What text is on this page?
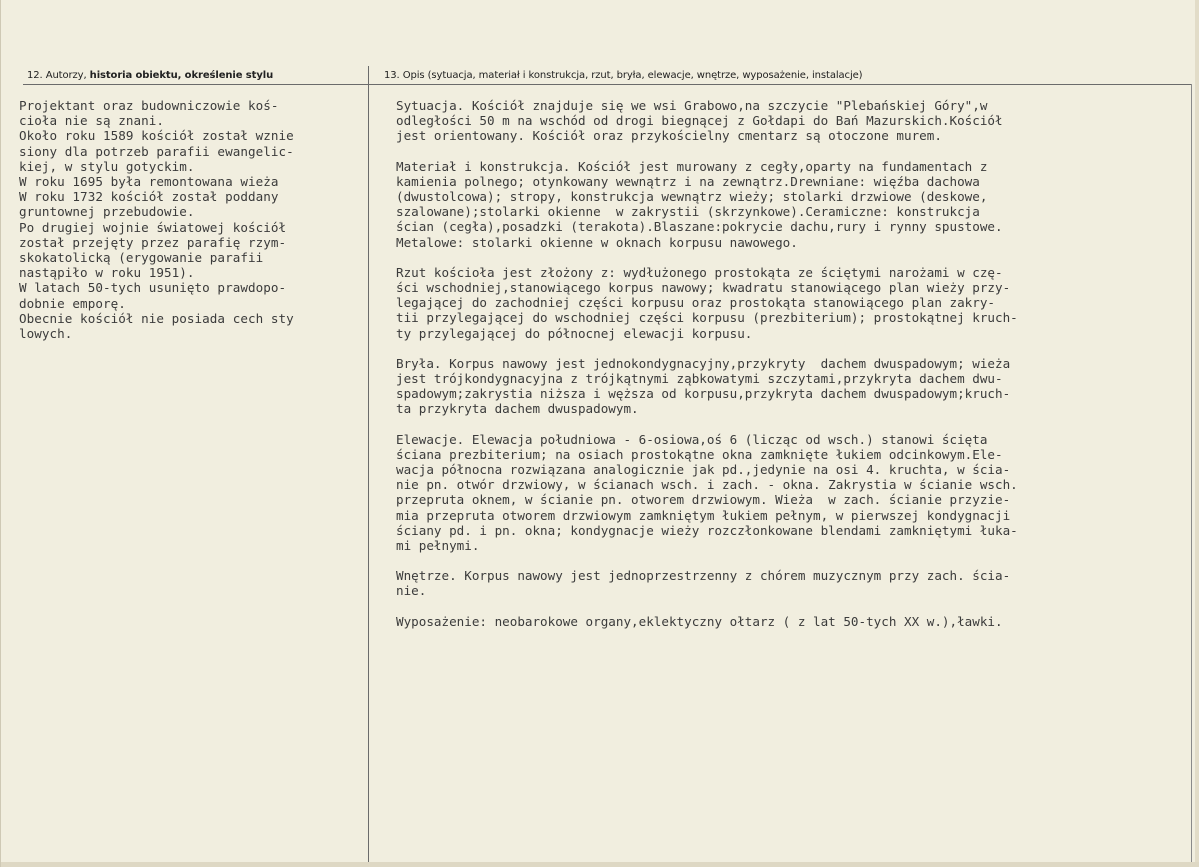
12. Autorzy, historia obiektu, określenie stylu	13. Opis (sytuacja, materiał i konstrukcja, rzut, bryła, elewacje, wnętrze, wyposażenie, instalacje)
Projektant oraz budowniczowie koś-
cioła nie są znani.
Około roku 1589 kościół został wznie
siony dla potrzeb parafii ewangelic-
kiej, w stylu gotyckim.
W roku 1695 była remontowana wieża
W roku 1732 kościół został poddany
gruntownej przebudowie.
Po drugiej wojnie światowej kościół
został przejęty przez parafię rzym-
skokatolicką (erygowanie parafii
nastąpiło w roku 1951).
W latach 50-tych usunięto prawdopo-
dobnie emporę.
Obecnie kościół nie posiada cech sty
lowych.
Sytuacja. Kościół znajduje się we wsi Grabowo,na szczycie "Plebańskiej Góry",w
odległości 50 m na wschód od drogi biegnącej z Gołdapi do Bań Mazurskich.Kościół
jest orientowany. Kościół oraz przykościelny cmentarz są otoczone murem.
Materiał i konstrukcja. Kościół jest murowany z cegły,oparty na fundamentach z
kamienia polnego; otynkowany wewnątrz i na zewnątrz.Drewniane: więźba dachowa
(dwustolcowa); stropy, konstrukcja wewnątrz wieży; stolarki drzwiowe (deskowe,
szalowane);stolarki okienne  w zakrystii (skrzynkowe).Ceramiczne: konstrukcja
ścian (cegła),posadzki (terakota).Blaszane:pokrycie dachu,rury i rynny spustowe.
Metalowe: stolarki okienne w oknach korpusu nawowego.
Rzut kościoła jest złożony z: wydłużonego prostokąta ze ściętymi narożami w czę-
ści wschodniej,stanowiącego korpus nawowy; kwadratu stanowiącego plan wieży przy-
legającej do zachodniej części korpusu oraz prostokąta stanowiącego plan zakry-
tii przylegającej do wschodniej części korpusu (prezbiterium); prostokątnej kruch-
ty przylegającej do północnej elewacji korpusu.
Bryła. Korpus nawowy jest jednokondygnacyjny,przykryty  dachem dwuspadowym; wieża
jest trójkondygnacyjna z trójkątnymi ząbkowatymi szczytami,przykryta dachem dwu-
spadowym;zakrystia niższa i węższa od korpusu,przykryta dachem dwuspadowym;kruch-
ta przykryta dachem dwuspadowym.
Elewacje. Elewacja południowa - 6-osiowa,oś 6 (licząc od wsch.) stanowi ścięta
ściana prezbiterium; na osiach prostokątne okna zamknięte łukiem odcinkowym.Ele-
wacja północna rozwiązana analogicznie jak pd.,jedynie na osi 4. kruchta, w ścia-
nie pn. otwór drzwiowy, w ścianach wsch. i zach. - okna. Zakrystia w ścianie wsch.
przepruta oknem, w ścianie pn. otworem drzwiowym. Wieża  w zach. ścianie przyzie-
mia przepruta otworem drzwiowym zamkniętym łukiem pełnym, w pierwszej kondygnacji
ściany pd. i pn. okna; kondygnacje wieży rozczłonkowane blendami zamkniętymi łuka-
mi pełnymi.
Wnętrze. Korpus nawowy jest jednoprzestrzenny z chórem muzycznym przy zach. ścia-
nie.
Wyposażenie: neobarokowe organy,eklektyczny ołtarz ( z lat 50-tych XX w.),ławki.
